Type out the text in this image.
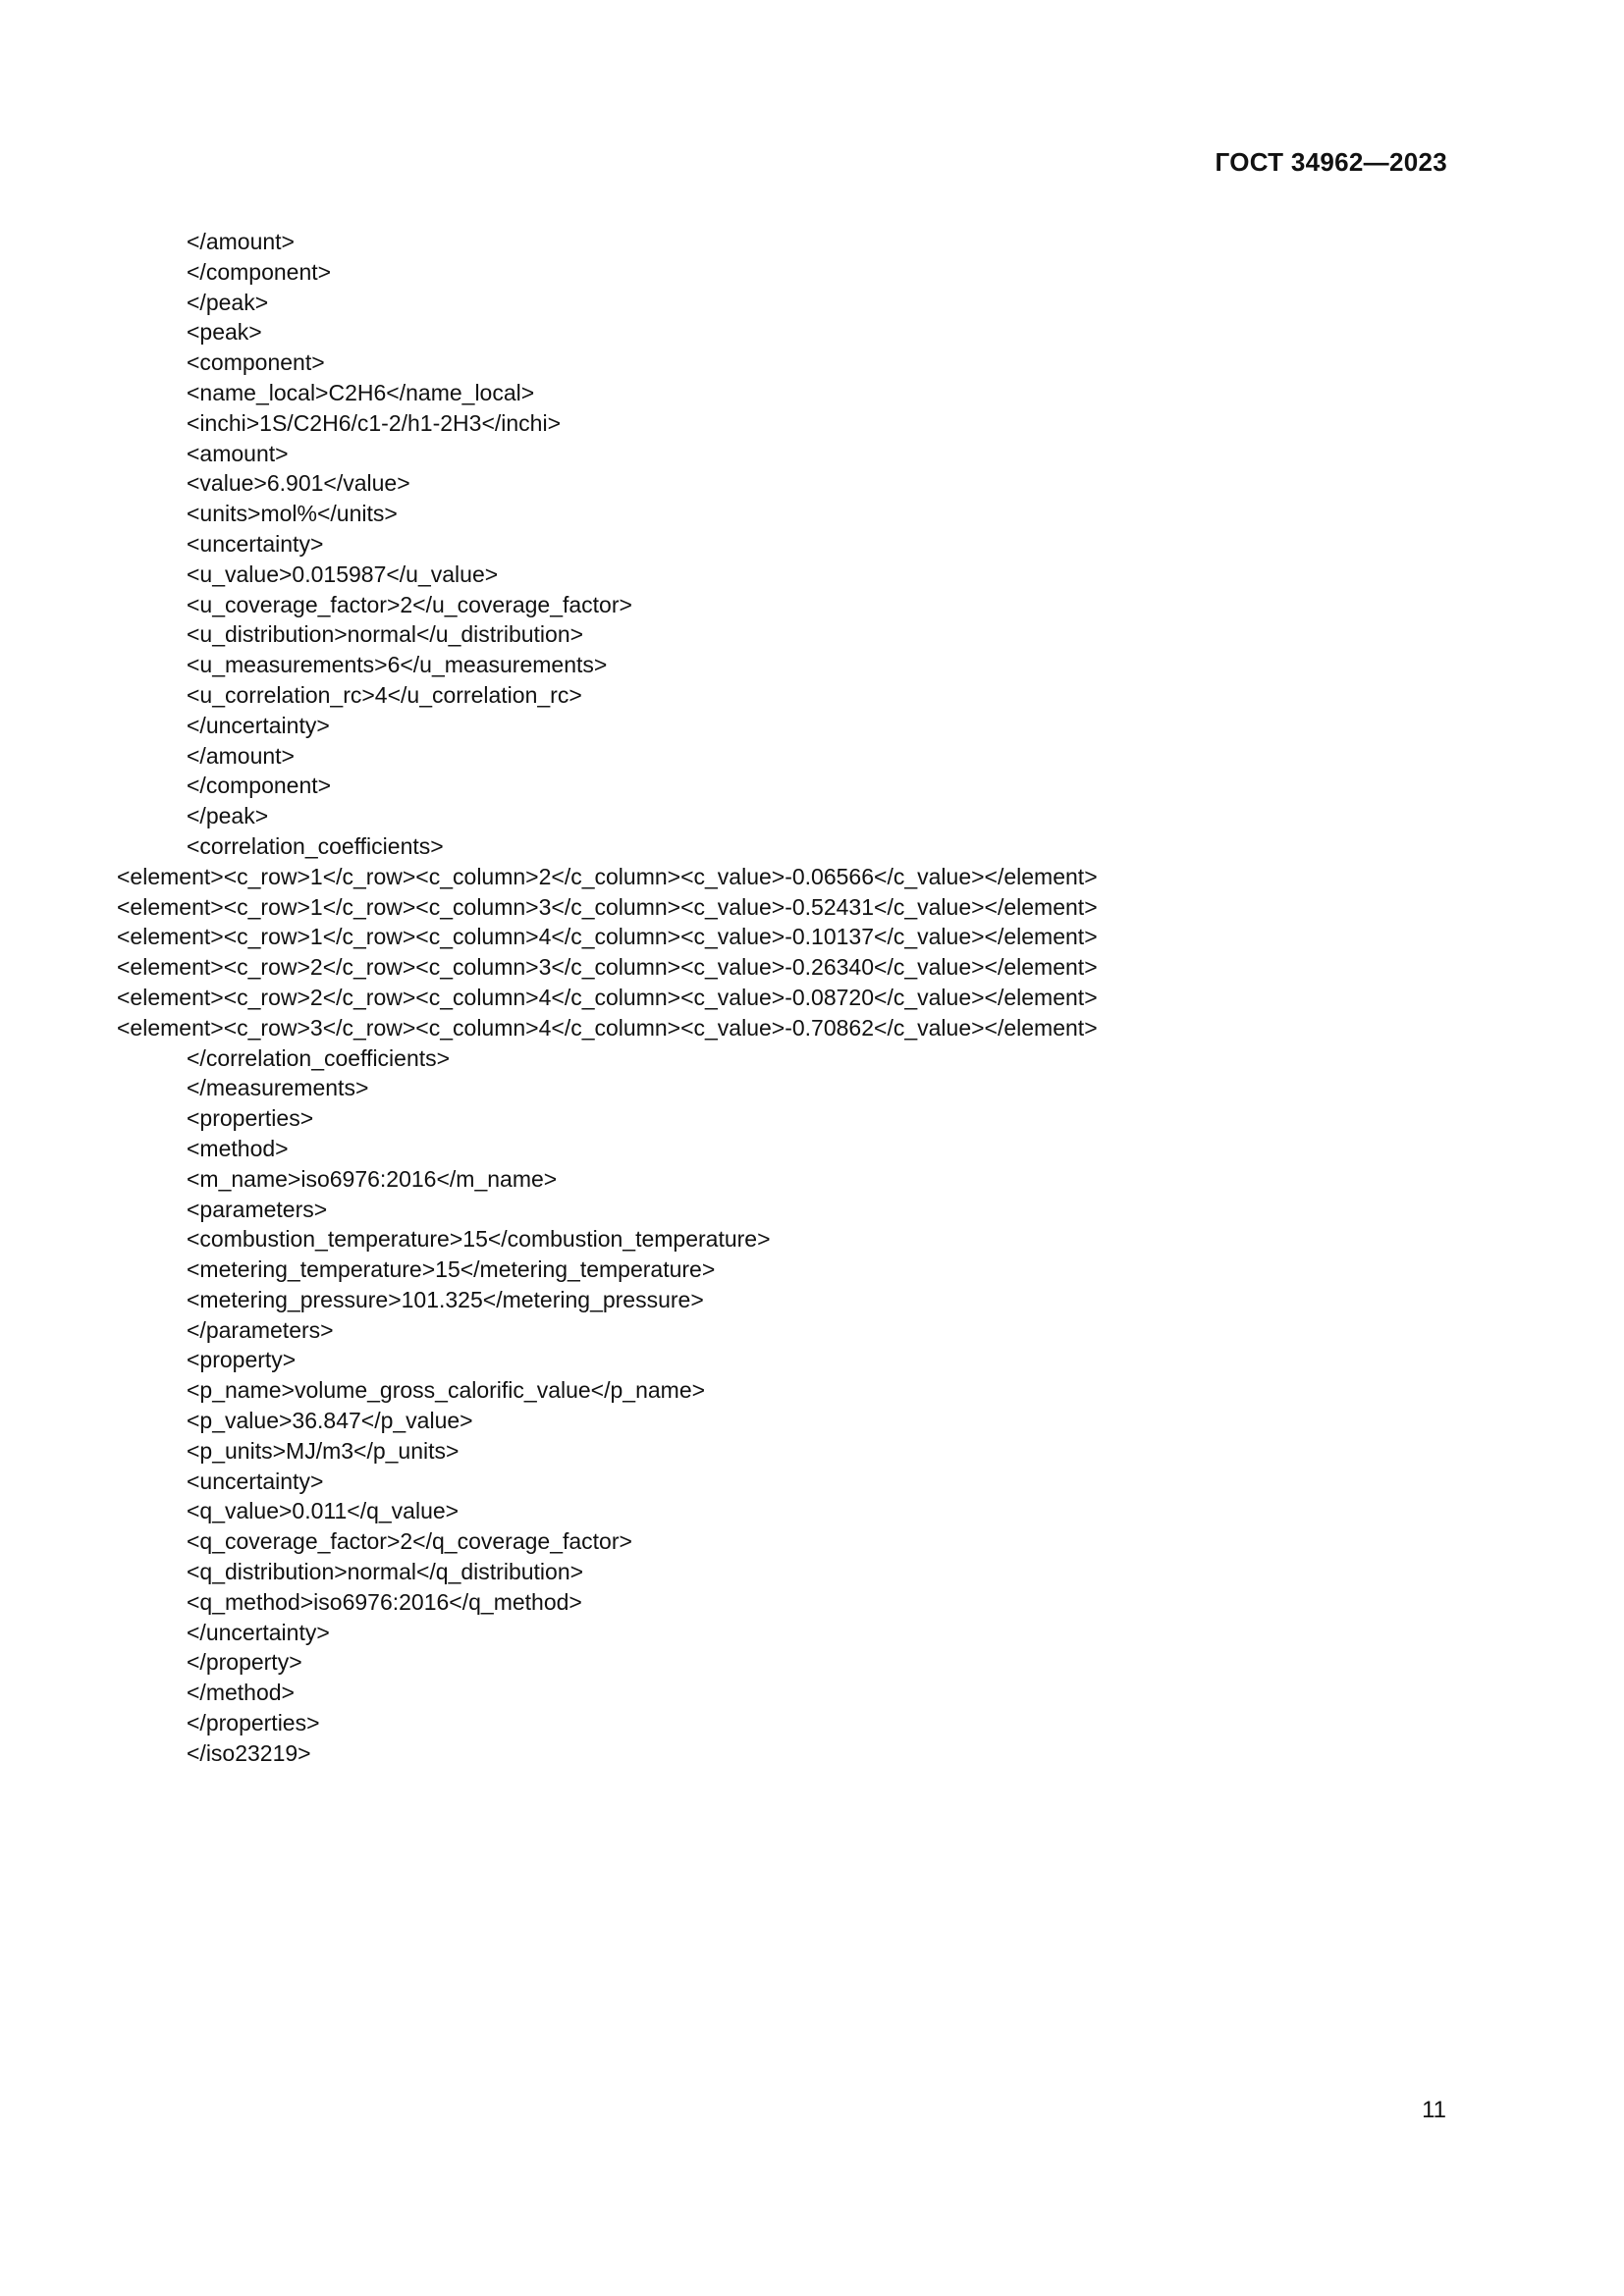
ГОСТ 34962—2023
</amount>
</component>
</peak>
<peak>
<component>
<name_local>C2H6</name_local>
<inchi>1S/C2H6/c1-2/h1-2H3</inchi>
<amount>
<value>6.901</value>
<units>mol%</units>
<uncertainty>
<u_value>0.015987</u_value>
<u_coverage_factor>2</u_coverage_factor>
<u_distribution>normal</u_distribution>
<u_measurements>6</u_measurements>
<u_correlation_rc>4</u_correlation_rc>
</uncertainty>
</amount>
</component>
</peak>
<correlation_coefficients>
<element><c_row>1</c_row><c_column>2</c_column><c_value>-0.06566</c_value></element>
<element><c_row>1</c_row><c_column>3</c_column><c_value>-0.52431</c_value></element>
<element><c_row>1</c_row><c_column>4</c_column><c_value>-0.10137</c_value></element>
<element><c_row>2</c_row><c_column>3</c_column><c_value>-0.26340</c_value></element>
<element><c_row>2</c_row><c_column>4</c_column><c_value>-0.08720</c_value></element>
<element><c_row>3</c_row><c_column>4</c_column><c_value>-0.70862</c_value></element>
</correlation_coefficients>
</measurements>
<properties>
<method>
<m_name>iso6976:2016</m_name>
<parameters>
<combustion_temperature>15</combustion_temperature>
<metering_temperature>15</metering_temperature>
<metering_pressure>101.325</metering_pressure>
</parameters>
<property>
<p_name>volume_gross_calorific_value</p_name>
<p_value>36.847</p_value>
<p_units>MJ/m3</p_units>
<uncertainty>
<q_value>0.011</q_value>
<q_coverage_factor>2</q_coverage_factor>
<q_distribution>normal</q_distribution>
<q_method>iso6976:2016</q_method>
</uncertainty>
</property>
</method>
</properties>
</iso23219>
11
